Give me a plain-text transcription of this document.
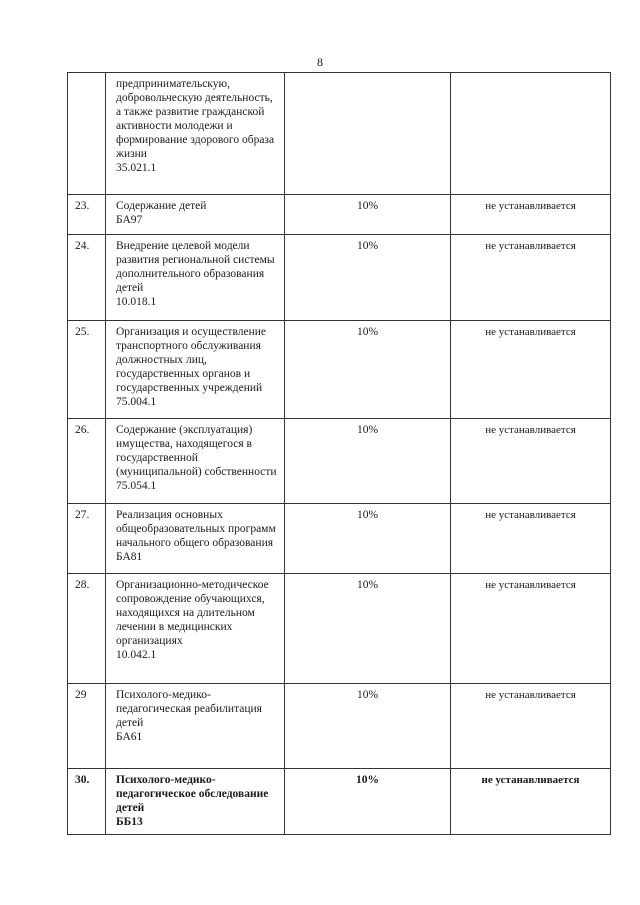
8
	предпринимательскую, добровольческую деятельность, а также развитие гражданской активности молодежи и формирование здорового образа жизни
35.021.1		

23.	Содержание детей
БА97	10%	не устанавливается
24.	Внедрение целевой модели развития региональной системы дополнительного образования детей
10.018.1	10%	не устанавливается
25.	Организация и осуществление транспортного обслуживания должностных лиц, государственных органов и государственных учреждений
75.004.1	10%	не устанавливается
26.	Содержание (эксплуатация) имущества, находящегося в государственной (муниципальной) собственности
75.054.1	10%	не устанавливается
27.	Реализация основных общеобразовательных программ начального общего образования
БА81	10%	не устанавливается
28.	Организационно-методическое сопровождение обучающихся, находящихся на длительном лечении в медицинских организациях
10.042.1	10%	не устанавливается
29	Психолого-медико-педагогическая реабилитация детей
БА61	10%	не устанавливается
30.	Психолого-медико-педагогическое обследование детей
ББ13	10%	не устанавливается
